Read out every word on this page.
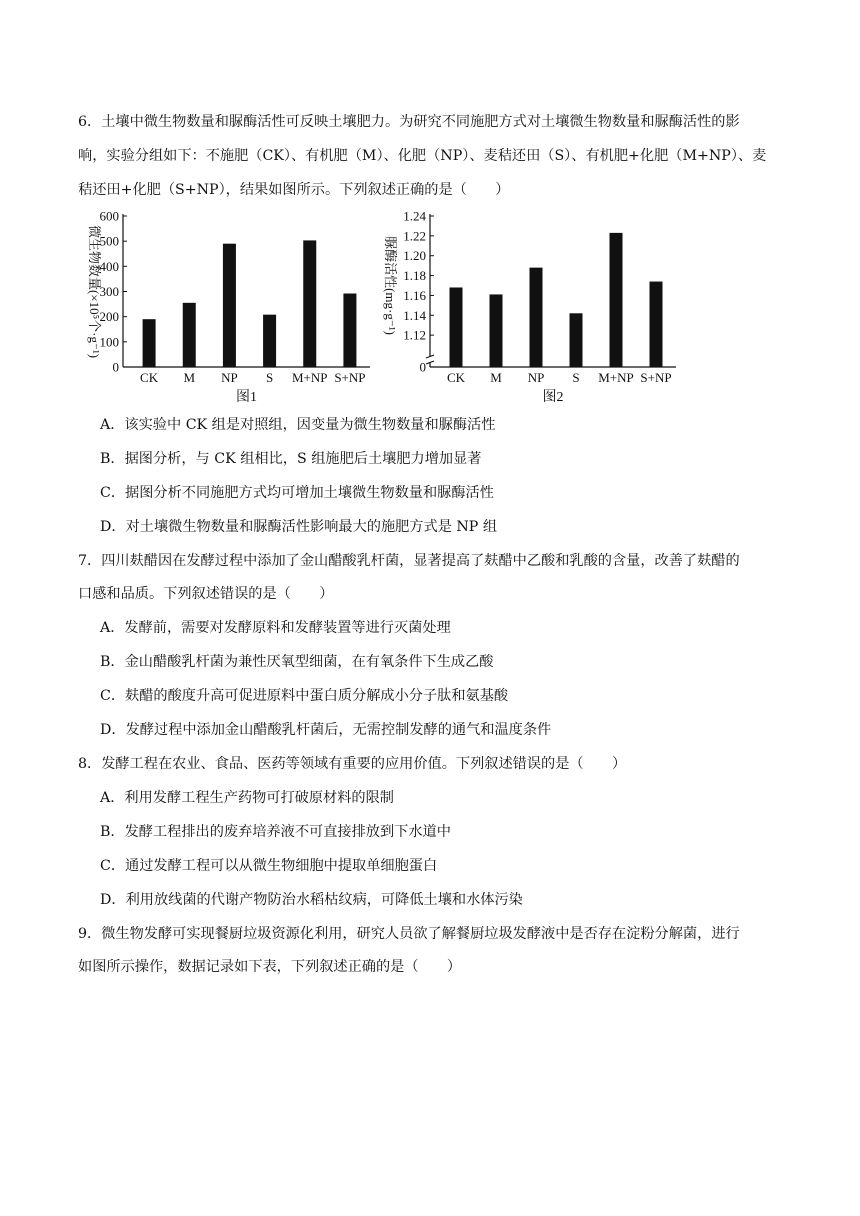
6．土壤中微生物数量和脲酶活性可反映土壤肥力。为研究不同施肥方式对土壤微生物数量和脲酶活性的影
响，实验分组如下：不施肥（CK）、有机肥（M）、化肥（NP）、麦秸还田（S）、有机肥+化肥（M+NP）、麦
秸还田+化肥（S+NP），结果如图所示。下列叙述正确的是（　　）
0
100
200
300
400
500
600
CK M NP S M+NP S+NP
图1
微生物数量(×10⁵个·g⁻¹)
0
1.12
1.14
1.16
1.18
1.20
1.22
1.24
CK M NP S M+NP S+NP
图2
脲酶活性(mg·g⁻¹)
A．该实验中 CK 组是对照组，因变量为微生物数量和脲酶活性
B．据图分析，与 CK 组相比，S 组施肥后土壤肥力增加显著
C．据图分析不同施肥方式均可增加土壤微生物数量和脲酶活性
D．对土壤微生物数量和脲酶活性影响最大的施肥方式是 NP 组
7．四川麸醋因在发酵过程中添加了金山醋酸乳杆菌，显著提高了麸醋中乙酸和乳酸的含量，改善了麸醋的
口感和品质。下列叙述错误的是（　　）
A．发酵前，需要对发酵原料和发酵装置等进行灭菌处理
B．金山醋酸乳杆菌为兼性厌氧型细菌，在有氧条件下生成乙酸
C．麸醋的酸度升高可促进原料中蛋白质分解成小分子肽和氨基酸
D．发酵过程中添加金山醋酸乳杆菌后，无需控制发酵的通气和温度条件
8．发酵工程在农业、食品、医药等领域有重要的应用价值。下列叙述错误的是（　　）
A．利用发酵工程生产药物可打破原材料的限制
B．发酵工程排出的废弃培养液不可直接排放到下水道中
C．通过发酵工程可以从微生物细胞中提取单细胞蛋白
D．利用放线菌的代谢产物防治水稻枯纹病，可降低土壤和水体污染
9．微生物发酵可实现餐厨垃圾资源化利用，研究人员欲了解餐厨垃圾发酵液中是否存在淀粉分解菌，进行
如图所示操作，数据记录如下表，下列叙述正确的是（　　）
